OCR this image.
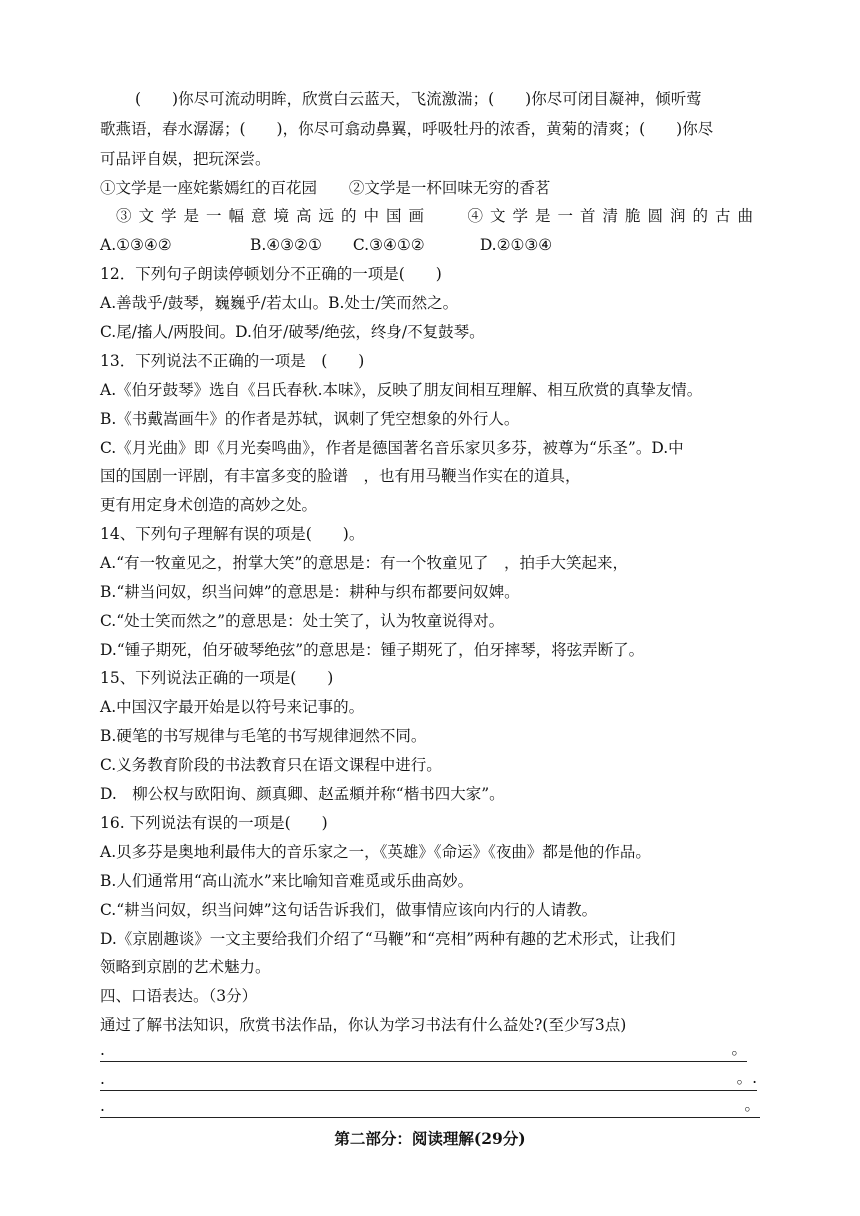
(　　)你尽可流动明眸，欣赏白云蓝天，飞流激湍；(　　)你尽可闭目凝神，倾听莺
歌燕语，春水潺潺；(　　)，你尽可翕动鼻翼，呼吸牡丹的浓香，黄菊的清爽；(　　)你尽
可品评自娱，把玩深尝。
①文学是一座姹紫嫣红的百花园 ②文学是一杯回味无穷的香茗
③文学是一幅意境高远的中国画 ④文学是一首清脆圆润的古曲
A.①③④②	B.④③②① C.③④①②	D.②①③④
12．下列句子朗读停顿划分不正确的一项是(　　)
A.善哉乎/鼓琴，巍巍乎/若太山。B.处士/笑而然之。
C.尾/搐人/两股间。D.伯牙/破琴/绝弦，终身/不复鼓琴。
13．下列说法不正确的一项是　(　　)
A.《伯牙鼓琴》选自《吕氏春秋.本味》，反映了朋友间相互理解、相互欣赏的真挚友情。
B.《书戴嵩画牛》的作者是苏轼，讽刺了凭空想象的外行人。
C.《月光曲》即《月光奏鸣曲》，作者是德国著名音乐家贝多芬，被尊为“乐圣”。D.中
国的国剧一评剧，有丰富多变的脸谱　，也有用马鞭当作实在的道具，
更有用定身术创造的高妙之处。
14、下列句子理解有误的项是(　　)。
A.“有一牧童见之，拊掌大笑”的意思是：有一个牧童见了　，拍手大笑起来，
B.“耕当问奴，织当问婢”的意思是：耕种与织布都要问奴婢。
C.“处士笑而然之”的意思是：处士笑了，认为牧童说得对。
D.“锺子期死，伯牙破琴绝弦”的意思是：锺子期死了，伯牙摔琴，将弦弄断了。
15、下列说法正确的一项是(　　)
A.中国汉字最开始是以符号来记事的。
B.硬笔的书写规律与毛笔的书写规律迥然不同。
C.义务教育阶段的书法教育只在语文课程中进行。
D.　柳公权与欧阳询、颜真卿、赵孟頫并称“楷书四大家”。
16. 下列说法有误的一项是(　　)
A.贝多芬是奥地利最伟大的音乐家之一，《英雄》《命运》《夜曲》都是他的作品。
B.人们通常用“高山流水”来比喻知音难觅或乐曲高妙。
C.“耕当问奴，织当问婢”这句话告诉我们，做事情应该向内行的人请教。
D.《京剧趣谈》一文主要给我们介绍了“马鞭”和“亮相”两种有趣的艺术形式，让我们
领略到京剧的艺术魅力。
四、口语表达。（3分）
通过了解书法知识，欣赏书法作品，你认为学习书法有什么益处?(至少写3点)
.	。
.	。.
.	。
第二部分：阅读理解(29分)
